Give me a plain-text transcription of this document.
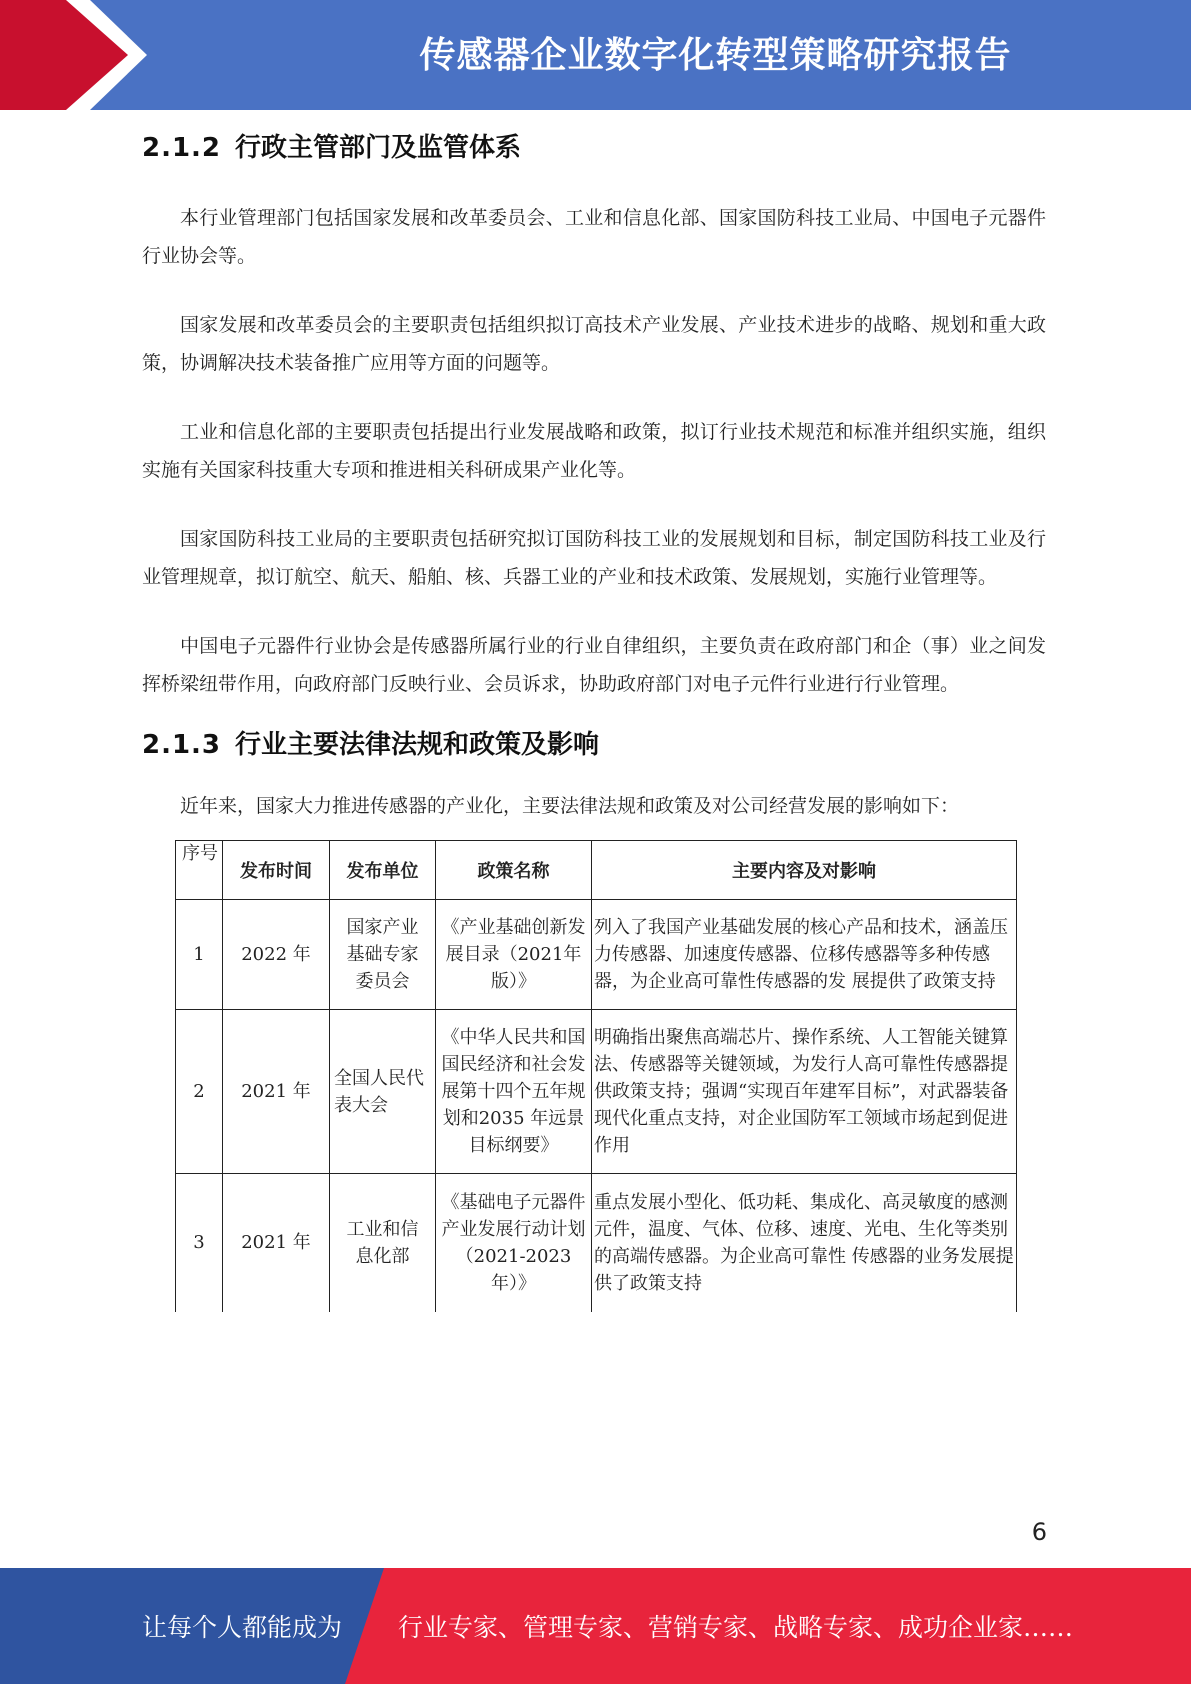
传感器企业数字化转型策略研究报告
2.1.2 行政主管部门及监管体系

本行业管理部门包括国家发展和改革委员会、工业和信息化部、国家国防科技工业局、中国电子元器件行业协会等。

国家发展和改革委员会的主要职责包括组织拟订高技术产业发展、产业技术进步的战略、规划和重大政策，协调解决技术装备推广应用等方面的问题等。

工业和信息化部的主要职责包括提出行业发展战略和政策，拟订行业技术规范和标准并组织实施，组织实施有关国家科技重大专项和推进相关科研成果产业化等。

国家国防科技工业局的主要职责包括研究拟订国防科技工业的发展规划和目标，制定国防科技工业及行业管理规章，拟订航空、航天、船舶、核、兵器工业的产业和技术政策、发展规划，实施行业管理等。

中国电子元器件行业协会是传感器所属行业的行业自律组织，主要负责在政府部门和企（事）业之间发挥桥梁纽带作用，向政府部门反映行业、会员诉求，协助政府部门对电子元件行业进行行业管理。

2.1.3 行业主要法律法规和政策及影响

近年来，国家大力推进传感器的产业化，主要法律法规和政策及对公司经营发展的影响如下：

序号	发布时间	发布单位	政策名称	主要内容及对影响
1	2022 年	国家产业基础专家委员会	《产业基础创新发展目录（2021年版）》	列入了我国产业基础发展的核心产品和技术，涵盖压力传感器、加速度传感器、位移传感器等多种传感器，为企业高可靠性传感器的发 展提供了政策支持
2	2021 年	全国人民代表大会	《中华人民共和国国民经济和社会发展第十四个五年规划和2035 年远景目标纲要》	明确指出聚焦高端芯片、操作系统、人工智能关键算法、传感器等关键领域，为发行人高可靠性传感器提供政策支持；强调“实现百年建军目标”，对武器装备现代化重点支持，对企业国防军工领域市场起到促进作用
3	2021 年	工业和信息化部	《基础电子元器件产业发展行动计划（2021-2023年）》	重点发展小型化、低功耗、集成化、高灵敏度的感测元件，温度、气体、位移、速度、光电、生化等类别的高端传感器。为企业高可靠性 传感器的业务发展提供了政策支持
6
让每个人都能成为 行业专家、管理专家、营销专家、战略专家、成功企业家……
